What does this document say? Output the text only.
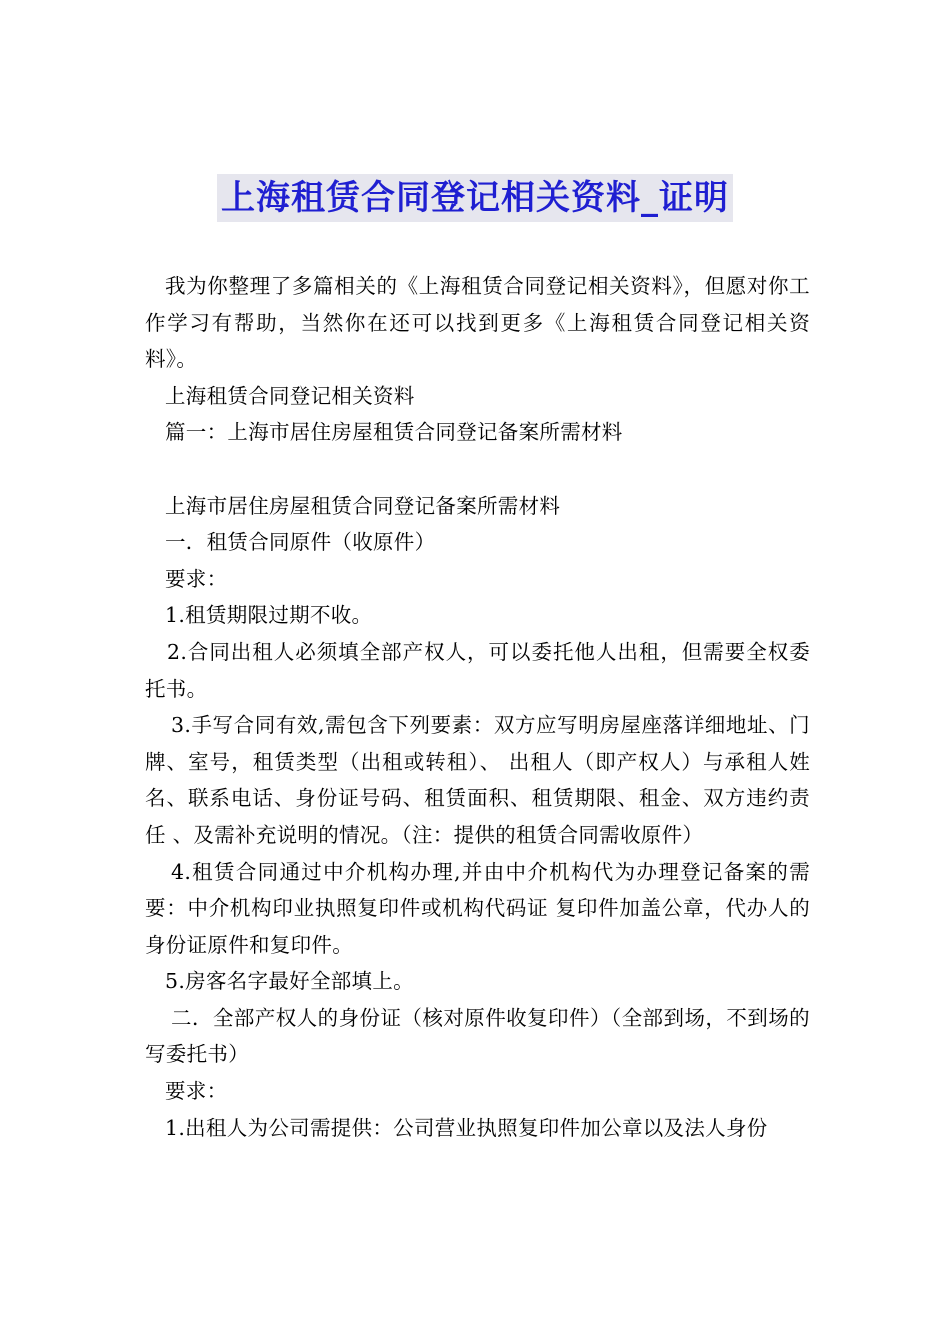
上海租赁合同登记相关资料_证明

我为你整理了多篇相关的《上海租赁合同登记相关资料》，但愿对你工作学习有帮助，当然你在还可以找到更多《上海租赁合同登记相关资料》。

上海租赁合同登记相关资料

篇一：上海市居住房屋租赁合同登记备案所需材料

上海市居住房屋租赁合同登记备案所需材料

一．租赁合同原件（收原件）

要求：

1.租赁期限过期不收。

2.合同出租人必须填全部产权人，可以委托他人出租，但需要全权委托书。

3.手写合同有效,需包含下列要素：双方应写明房屋座落详细地址、门牌、室号，租赁类型（出租或转租）、 出租人（即产权人）与承租人姓名、联系电话、身份证号码、租赁面积、租赁期限、租金、双方违约责任 、及需补充说明的情况。（注：提供的租赁合同需收原件）

4.租赁合同通过中介机构办理,并由中介机构代为办理登记备案的需要：中介机构印业执照复印件或机构代码证 复印件加盖公章，代办人的身份证原件和复印件。

5.房客名字最好全部填上。

二．全部产权人的身份证（核对原件收复印件）（全部到场，不到场的写委托书）

要求：

1.出租人为公司需提供：公司营业执照复印件加公章以及法人身份
